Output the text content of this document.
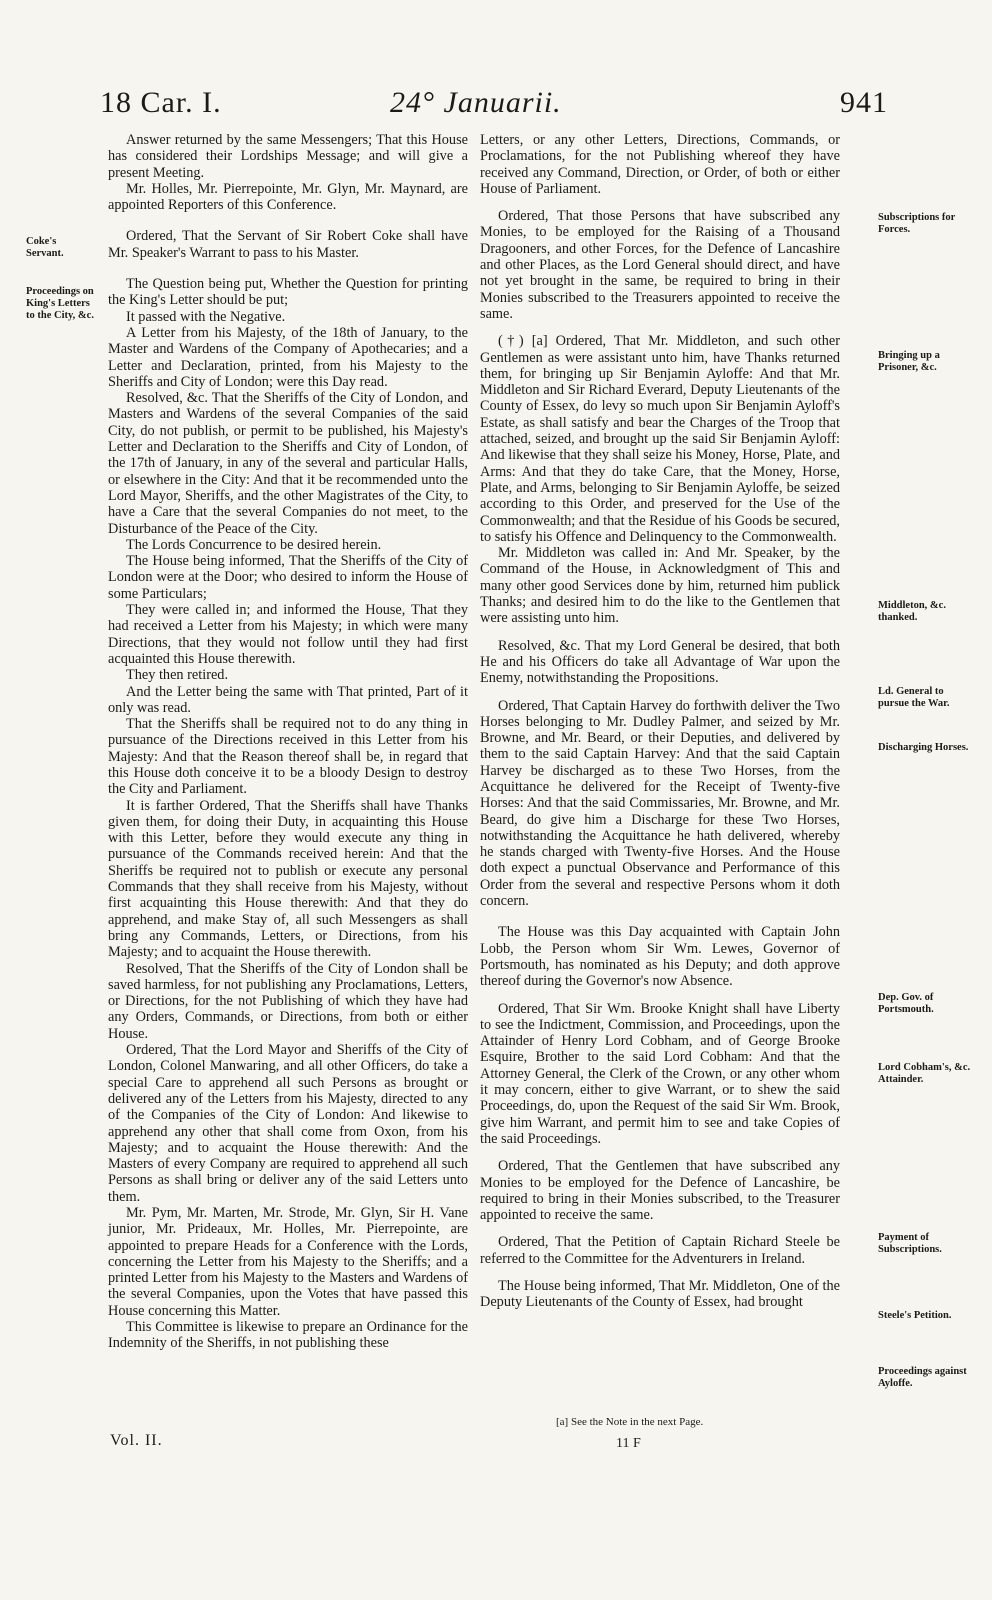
18 Car. I.	24° Januarii.	941
Coke's Servant.
Proceedings on King's Letters to the City, &c.
Subscriptions for Forces.
Bringing up a Prisoner, &c.
Middleton, &c. thanked.
Ld. General to pursue the War.
Discharging Horses.
Dep. Gov. of Portsmouth.
Lord Cobham's, &c. Attainder.
Payment of Subscriptions.
Steele's Petition.
Proceedings against Ayloffe.

Answer returned by the same Messengers; That this House has considered their Lordships Message; and will give a present Meeting.

Mr. Holles, Mr. Pierrepointe, Mr. Glyn, Mr. Maynard, are appointed Reporters of this Conference.

Ordered, That the Servant of Sir Robert Coke shall have Mr. Speaker's Warrant to pass to his Master.

The Question being put, Whether the Question for printing the King's Letter should be put;

It passed with the Negative.

A Letter from his Majesty, of the 18th of January, to the Master and Wardens of the Company of Apothecaries; and a Letter and Declaration, printed, from his Majesty to the Sheriffs and City of London; were this Day read.

Resolved, &c. That the Sheriffs of the City of London, and Masters and Wardens of the several Companies of the said City, do not publish, or permit to be published, his Majesty's Letter and Declaration to the Sheriffs and City of London, of the 17th of January, in any of the several and particular Halls, or elsewhere in the City: And that it be recommended unto the Lord Mayor, Sheriffs, and the other Magistrates of the City, to have a Care that the several Companies do not meet, to the Disturbance of the Peace of the City.

The Lords Concurrence to be desired herein.

The House being informed, That the Sheriffs of the City of London were at the Door; who desired to inform the House of some Particulars;

They were called in; and informed the House, That they had received a Letter from his Majesty; in which were many Directions, that they would not follow until they had first acquainted this House therewith.

They then retired.

And the Letter being the same with That printed, Part of it only was read.

That the Sheriffs shall be required not to do any thing in pursuance of the Directions received in this Letter from his Majesty: And that the Reason thereof shall be, in regard that this House doth conceive it to be a bloody Design to destroy the City and Parliament.

It is farther Ordered, That the Sheriffs shall have Thanks given them, for doing their Duty, in acquainting this House with this Letter, before they would execute any thing in pursuance of the Commands received herein: And that the Sheriffs be required not to publish or execute any personal Commands that they shall receive from his Majesty, without first acquainting this House therewith: And that they do apprehend, and make Stay of, all such Messengers as shall bring any Commands, Letters, or Directions, from his Majesty; and to acquaint the House therewith.

Resolved, That the Sheriffs of the City of London shall be saved harmless, for not publishing any Proclamations, Letters, or Directions, for the not Publishing of which they have had any Orders, Commands, or Directions, from both or either House.

Ordered, That the Lord Mayor and Sheriffs of the City of London, Colonel Manwaring, and all other Officers, do take a special Care to apprehend all such Persons as brought or delivered any of the Letters from his Majesty, directed to any of the Companies of the City of London: And likewise to apprehend any other that shall come from Oxon, from his Majesty; and to acquaint the House therewith: And the Masters of every Company are required to apprehend all such Persons as shall bring or deliver any of the said Letters unto them.

Mr. Pym, Mr. Marten, Mr. Strode, Mr. Glyn, Sir H. Vane junior, Mr. Prideaux, Mr. Holles, Mr. Pierrepointe, are appointed to prepare Heads for a Conference with the Lords, concerning the Letter from his Majesty to the Sheriffs; and a printed Letter from his Majesty to the Masters and Wardens of the several Companies, upon the Votes that have passed this House concerning this Matter.

This Committee is likewise to prepare an Ordinance for the Indemnity of the Sheriffs, in not publishing these

Letters, or any other Letters, Directions, Commands, or Proclamations, for the not Publishing whereof they have received any Command, Direction, or Order, of both or either House of Parliament.

Ordered, That those Persons that have subscribed any Monies, to be employed for the Raising of a Thousand Dragooners, and other Forces, for the Defence of Lancashire and other Places, as the Lord General should direct, and have not yet brought in the same, be required to bring in their Monies subscribed to the Treasurers appointed to receive the same.

(†) [a] Ordered, That Mr. Middleton, and such other Gentlemen as were assistant unto him, have Thanks returned them, for bringing up Sir Benjamin Ayloffe: And that Mr. Middleton and Sir Richard Everard, Deputy Lieutenants of the County of Essex, do levy so much upon Sir Benjamin Ayloff's Estate, as shall satisfy and bear the Charges of the Troop that attached, seized, and brought up the said Sir Benjamin Ayloff: And likewise that they shall seize his Money, Horse, Plate, and Arms: And that they do take Care, that the Money, Horse, Plate, and Arms, belonging to Sir Benjamin Ayloffe, be seized according to this Order, and preserved for the Use of the Commonwealth; and that the Residue of his Goods be secured, to satisfy his Offence and Delinquency to the Commonwealth.

Mr. Middleton was called in: And Mr. Speaker, by the Command of the House, in Acknowledgment of This and many other good Services done by him, returned him publick Thanks; and desired him to do the like to the Gentlemen that were assisting unto him.

Resolved, &c. That my Lord General be desired, that both He and his Officers do take all Advantage of War upon the Enemy, notwithstanding the Propositions.

Ordered, That Captain Harvey do forthwith deliver the Two Horses belonging to Mr. Dudley Palmer, and seized by Mr. Browne, and Mr. Beard, or their Deputies, and delivered by them to the said Captain Harvey: And that the said Captain Harvey be discharged as to these Two Horses, from the Acquittance he delivered for the Receipt of Twenty-five Horses: And that the said Commissaries, Mr. Browne, and Mr. Beard, do give him a Discharge for these Two Horses, notwithstanding the Acquittance he hath delivered, whereby he stands charged with Twenty-five Horses. And the House doth expect a punctual Observance and Performance of this Order from the several and respective Persons whom it doth concern.

The House was this Day acquainted with Captain John Lobb, the Person whom Sir Wm. Lewes, Governor of Portsmouth, has nominated as his Deputy; and doth approve thereof during the Governor's now Absence.

Ordered, That Sir Wm. Brooke Knight shall have Liberty to see the Indictment, Commission, and Proceedings, upon the Attainder of Henry Lord Cobham, and of George Brooke Esquire, Brother to the said Lord Cobham: And that the Attorney General, the Clerk of the Crown, or any other whom it may concern, either to give Warrant, or to shew the said Proceedings, do, upon the Request of the said Sir Wm. Brook, give him Warrant, and permit him to see and take Copies of the said Proceedings.

Ordered, That the Gentlemen that have subscribed any Monies to be employed for the Defence of Lancashire, be required to bring in their Monies subscribed, to the Treasurer appointed to receive the same.

Ordered, That the Petition of Captain Richard Steele be referred to the Committee for the Adventurers in Ireland.

The House being informed, That Mr. Middleton, One of the Deputy Lieutenants of the County of Essex, had brought

[a] See the Note in the next Page.
11 F
Vol. II.
